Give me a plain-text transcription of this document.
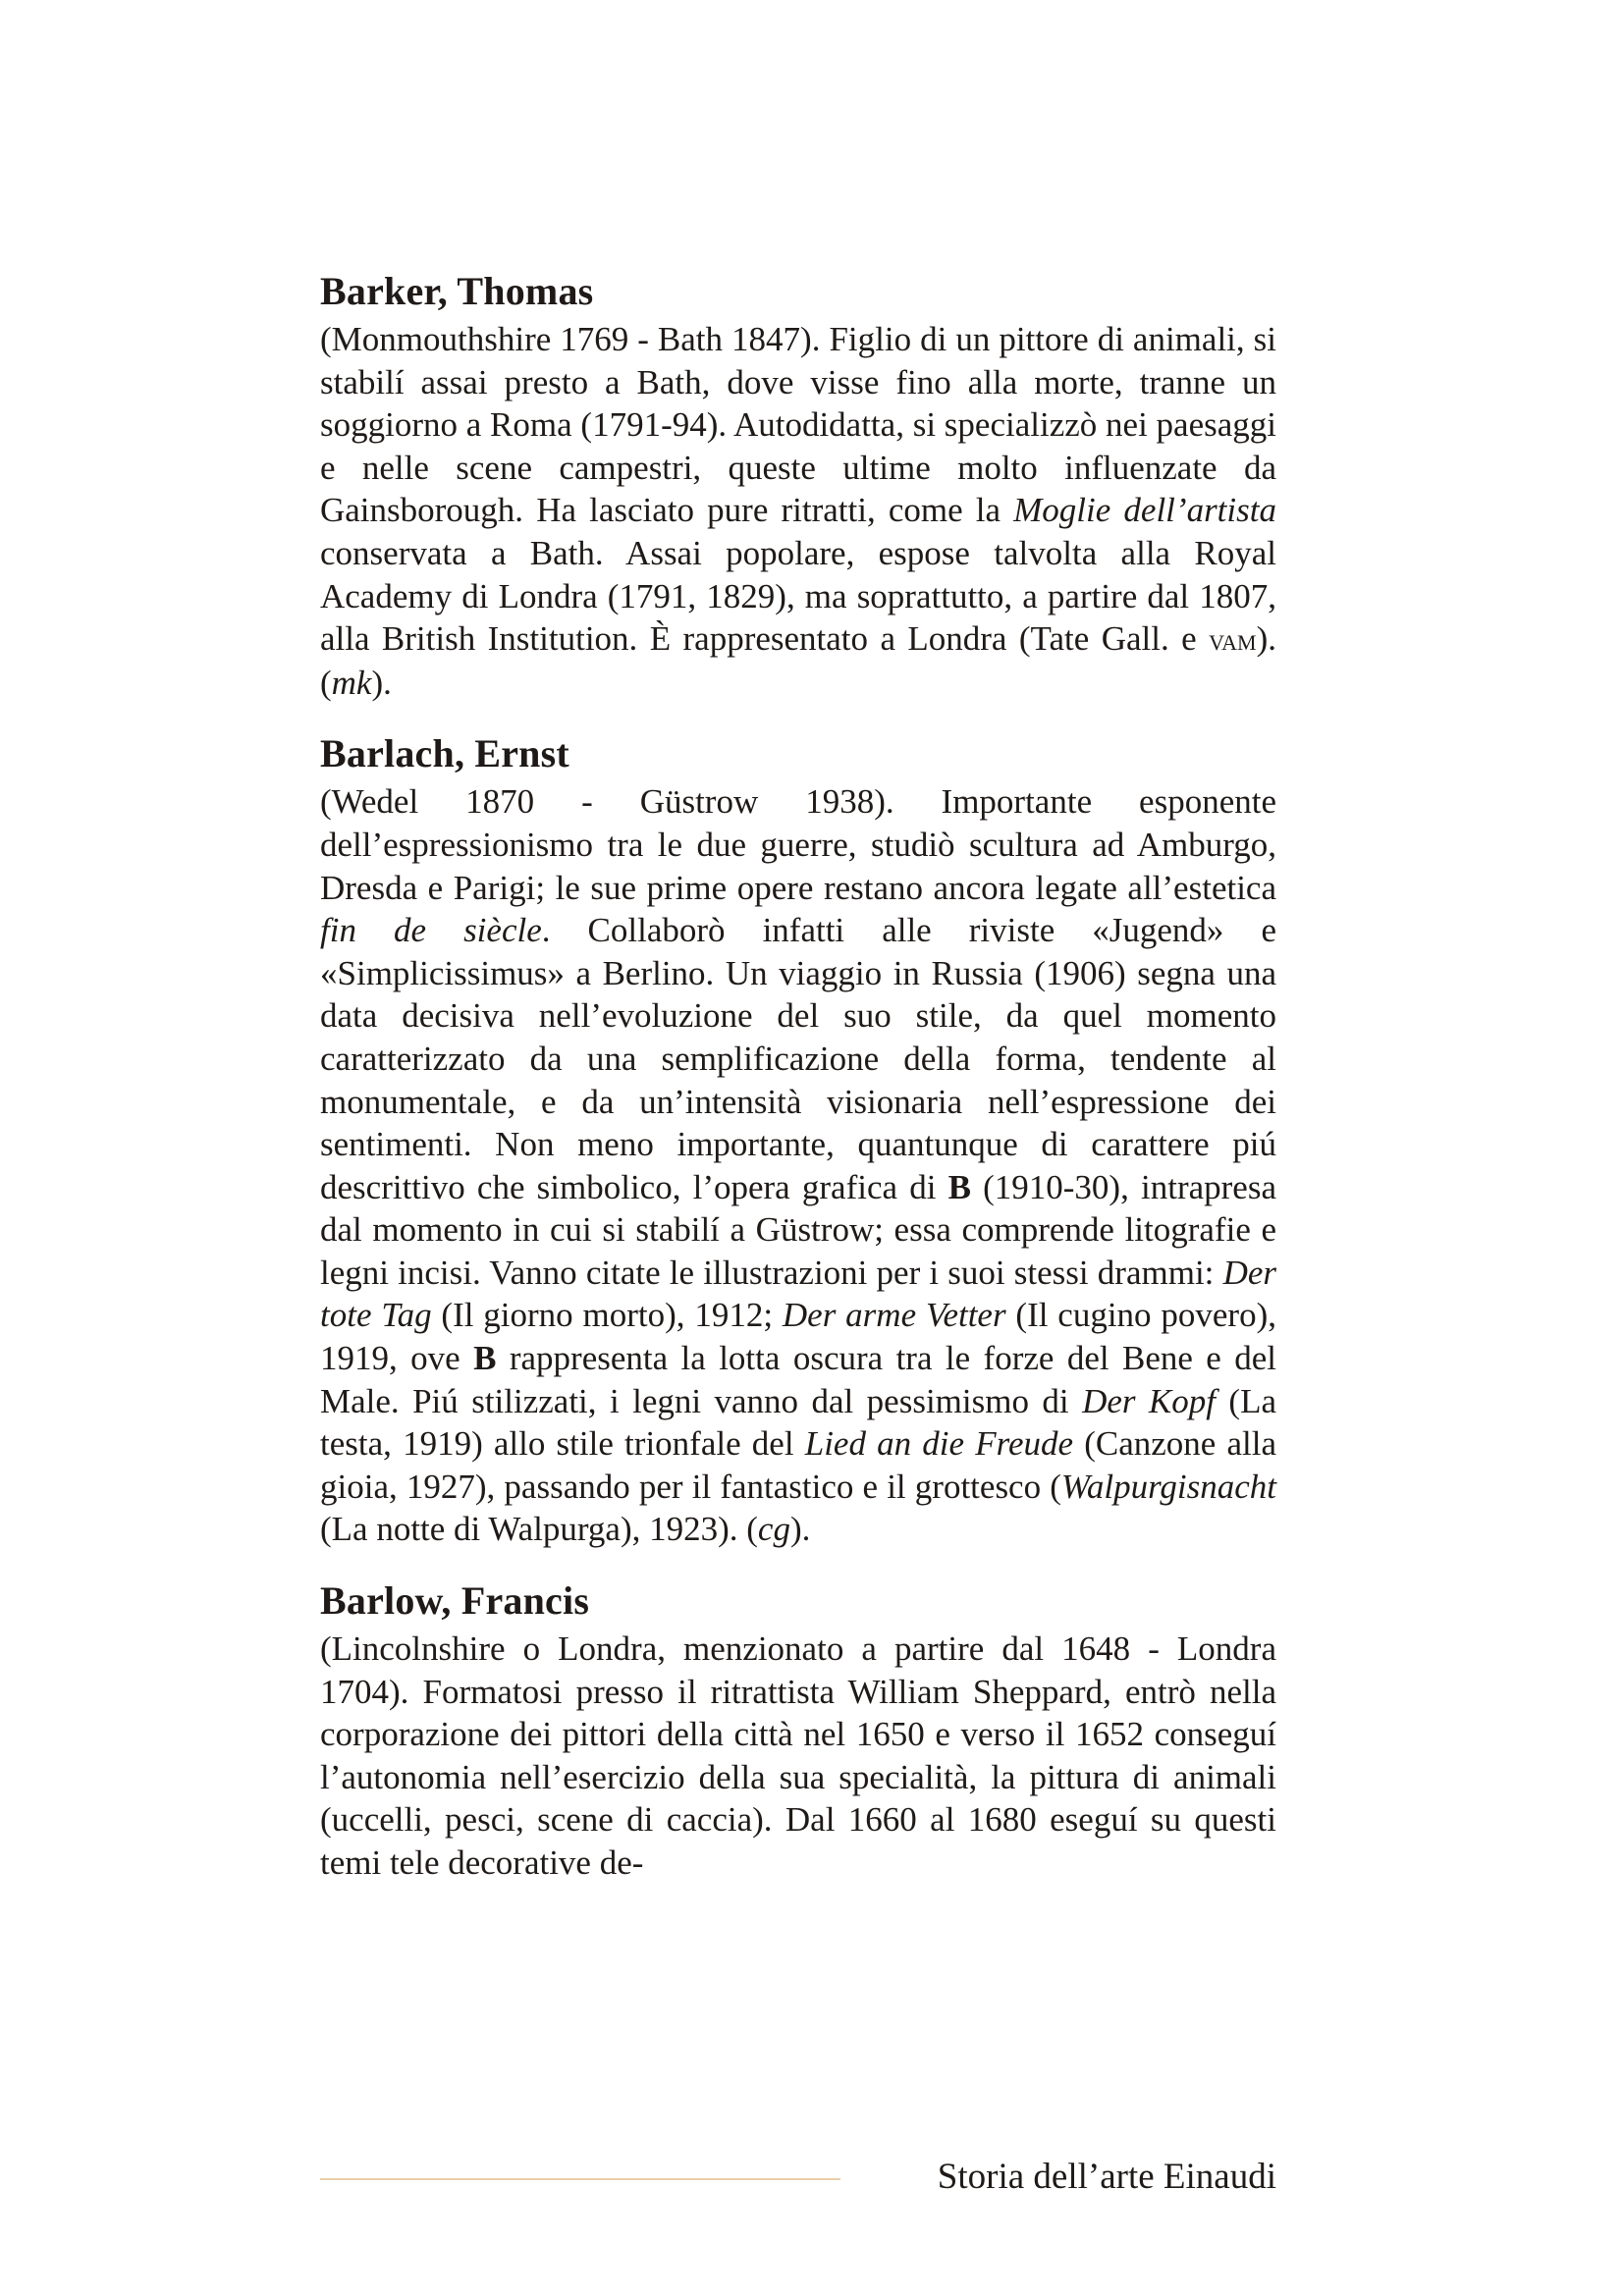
Barker, Thomas

(Monmouthshire 1769 - Bath 1847). Figlio di un pittore di animali, si stabilí assai presto a Bath, dove visse fino alla morte, tranne un soggiorno a Roma (1791-94). Autodidatta, si specializzò nei paesaggi e nelle scene campestri, queste ultime molto influenzate da Gainsborough. Ha lasciato pure ritratti, come la Moglie dell’artista conservata a Bath. Assai popolare, espose talvolta alla Royal Academy di Londra (1791, 1829), ma soprattutto, a partire dal 1807, alla British Institution. È rappresentato a Londra (Tate Gall. e vam). (mk).

Barlach, Ernst

(Wedel 1870 - Güstrow 1938). Importante esponente dell’espressionismo tra le due guerre, studiò scultura ad Amburgo, Dresda e Parigi; le sue prime opere restano ancora legate all’estetica fin de siècle. Collaborò infatti alle riviste «Jugend» e «Simplicissimus» a Berlino. Un viaggio in Russia (1906) segna una data decisiva nell’evoluzione del suo stile, da quel momento caratterizzato da una semplificazione della forma, tendente al monumentale, e da un’intensità visionaria nell’espressione dei sentimenti. Non meno importante, quantunque di carattere piú descrittivo che simbolico, l’opera grafica di B (1910-30), intrapresa dal momento in cui si stabilí a Güstrow; essa comprende litografie e legni incisi. Vanno citate le illustrazioni per i suoi stessi drammi: Der tote Tag (Il giorno morto), 1912; Der arme Vetter (Il cugino povero), 1919, ove B rappresenta la lotta oscura tra le forze del Bene e del Male. Piú stilizzati, i legni vanno dal pessimismo di Der Kopf (La testa, 1919) allo stile trionfale del Lied an die Freude (Canzone alla gioia, 1927), passando per il fantastico e il grottesco (Walpurgisnacht (La notte di Walpurga), 1923). (cg).

Barlow, Francis

(Lincolnshire o Londra, menzionato a partire dal 1648 - Londra 1704). Formatosi presso il ritrattista William Sheppard, entrò nella corporazione dei pittori della città nel 1650 e verso il 1652 conseguí l’autonomia nell’esercizio della sua specialità, la pittura di animali (uccelli, pesci, scene di caccia). Dal 1660 al 1680 eseguí su questi temi tele decorative de-

Storia dell’arte Einaudi
